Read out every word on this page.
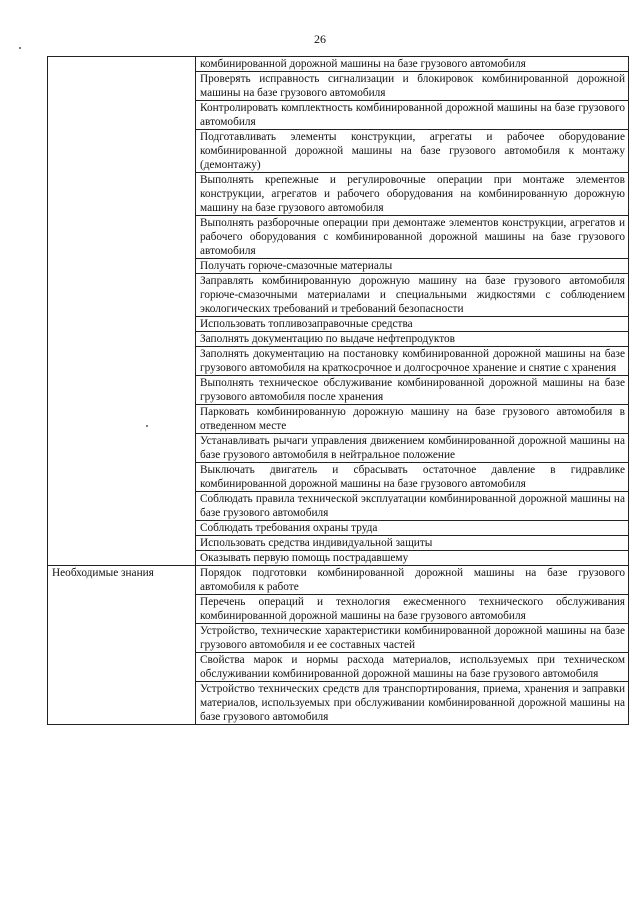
26
	комбинированной дорожной машины на базе грузового автомобиля
	Проверять исправность сигнализации и блокировок комбинированной дорожной машины на базе грузового автомобиля
	Контролировать комплектность комбинированной дорожной машины на базе грузового автомобиля
	Подготавливать элементы конструкции, агрегаты и рабочее оборудование комбинированной дорожной машины на базе грузового автомобиля к монтажу (демонтажу)
	Выполнять крепежные и регулировочные операции при монтаже элементов конструкции, агрегатов и рабочего оборудования на комбинированную дорожную машину на базе грузового автомобиля
	Выполнять разборочные операции при демонтаже элементов конструкции, агрегатов и рабочего оборудования с комбинированной дорожной машины на базе грузового автомобиля
	Получать горюче-смазочные материалы
	Заправлять комбинированную дорожную машину на базе грузового автомобиля горюче-смазочными материалами и специальными жидкостями с соблюдением экологических требований и требований безопасности
	Использовать топливозаправочные средства
	Заполнять документацию по выдаче нефтепродуктов
	Заполнять документацию на постановку комбинированной дорожной машины на базе грузового автомобиля на краткосрочное и долгосрочное хранение и снятие с хранения
	Выполнять техническое обслуживание комбинированной дорожной машины на базе грузового автомобиля после хранения
	Парковать комбинированную дорожную машину на базе грузового автомобиля в отведенном месте
	Устанавливать рычаги управления движением комбинированной дорожной машины на базе грузового автомобиля в нейтральное положение
	Выключать двигатель и сбрасывать остаточное давление в гидравлике комбинированной дорожной машины на базе грузового автомобиля
	Соблюдать правила технической эксплуатации комбинированной дорожной машины на базе грузового автомобиля
	Соблюдать требования охраны труда
	Использовать средства индивидуальной защиты
	Оказывать первую помощь пострадавшему
Необходимые знания	Порядок подготовки комбинированной дорожной машины на базе грузового автомобиля к работе
	Перечень операций и технология ежесменного технического обслуживания комбинированной дорожной машины на базе грузового автомобиля
	Устройство, технические характеристики комбинированной дорожной машины на базе грузового автомобиля и ее составных частей
	Свойства марок и нормы расхода материалов, используемых при техническом обслуживании комбинированной дорожной машины на базе грузового автомобиля
	Устройство технических средств для транспортирования, приема, хранения и заправки материалов, используемых при обслуживании комбинированной дорожной машины на базе грузового автомобиля
